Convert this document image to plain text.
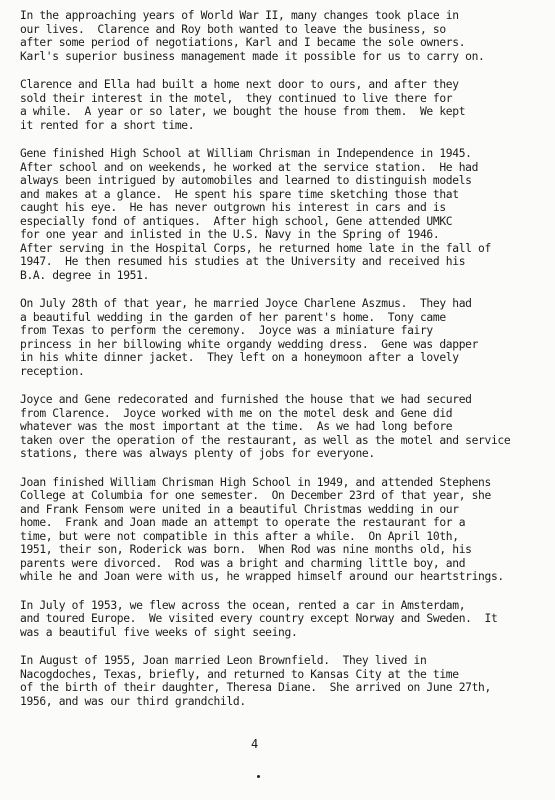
In the approaching years of World War II, many changes took place in

our lives.  Clarence and Roy both wanted to leave the business, so

after some period of negotiations, Karl and I became the sole owners.

Karl's superior business management made it possible for us to carry on.

Clarence and Ella had built a home next door to ours, and after they

sold their interest in the motel,  they continued to live there for

a while.  A year or so later, we bought the house from them.  We kept

it rented for a short time.

Gene finished High School at William Chrisman in Independence in 1945.

After school and on weekends, he worked at the service station.  He had

always been intrigued by automobiles and learned to distinguish models

and makes at a glance.  He spent his spare time sketching those that

caught his eye.  He has never outgrown his interest in cars and is

especially fond of antiques.  After high school, Gene attended UMKC

for one year and inlisted in the U.S. Navy in the Spring of 1946.

After serving in the Hospital Corps, he returned home late in the fall of

1947.  He then resumed his studies at the University and received his

B.A. degree in 1951.

On July 28th of that year, he married Joyce Charlene Aszmus.  They had

a beautiful wedding in the garden of her parent's home.  Tony came

from Texas to perform the ceremony.  Joyce was a miniature fairy

princess in her billowing white organdy wedding dress.  Gene was dapper

in his white dinner jacket.  They left on a honeymoon after a lovely

reception.

Joyce and Gene redecorated and furnished the house that we had secured

from Clarence.  Joyce worked with me on the motel desk and Gene did

whatever was the most important at the time.  As we had long before

taken over the operation of the restaurant, as well as the motel and service

stations, there was always plenty of jobs for everyone.

Joan finished William Chrisman High School in 1949, and attended Stephens

College at Columbia for one semester.  On December 23rd of that year, she

and Frank Fensom were united in a beautiful Christmas wedding in our

home.  Frank and Joan made an attempt to operate the restaurant for a

time, but were not compatible in this after a while.  On April 10th,

1951, their son, Roderick was born.  When Rod was nine months old, his

parents were divorced.  Rod was a bright and charming little boy, and

while he and Joan were with us, he wrapped himself around our heartstrings.

In July of 1953, we flew across the ocean, rented a car in Amsterdam,

and toured Europe.  We visited every country except Norway and Sweden.  It

was a beautiful five weeks of sight seeing.

In August of 1955, Joan married Leon Brownfield.  They lived in

Nacogdoches, Texas, briefly, and returned to Kansas City at the time

of the birth of their daughter, Theresa Diane.  She arrived on June 27th,

1956, and was our third grandchild.

4
